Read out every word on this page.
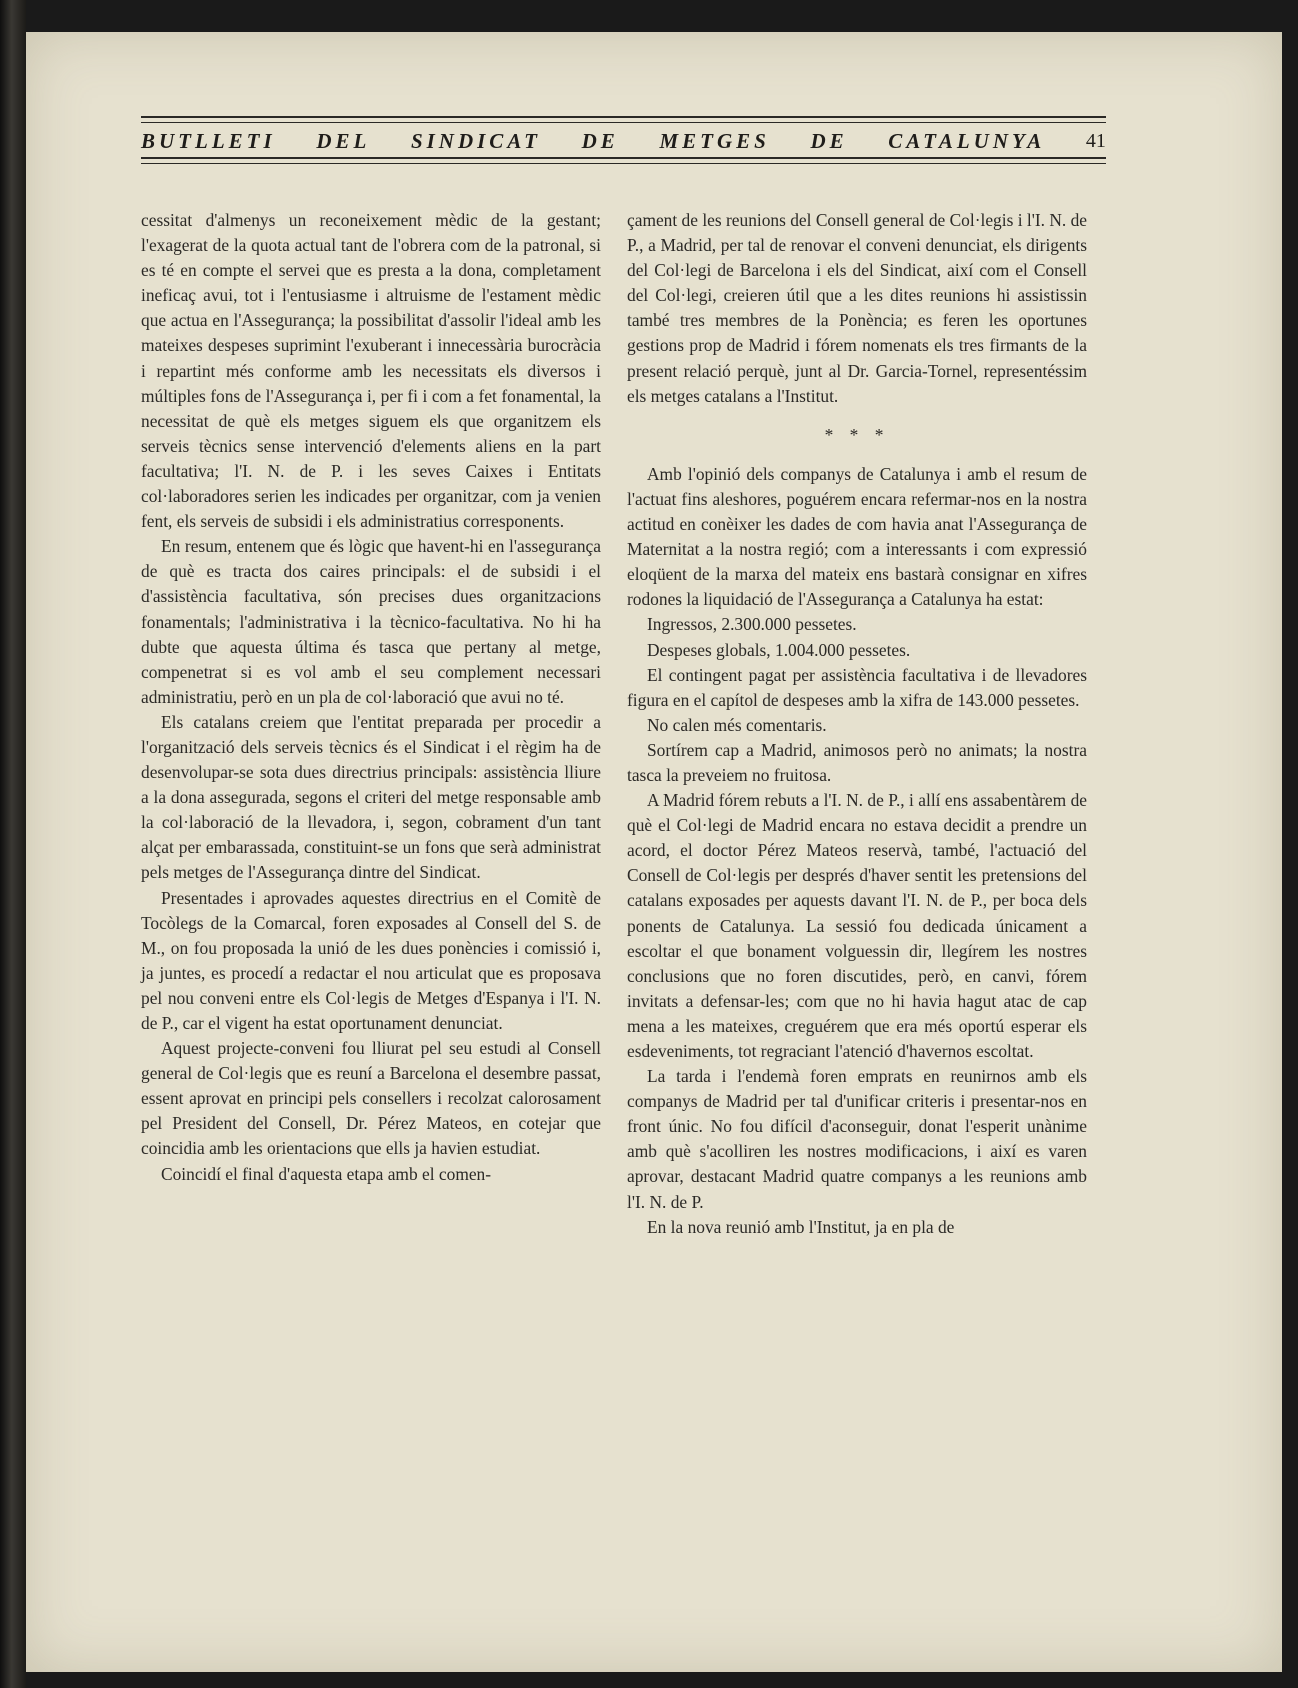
BUTLLETI DEL SINDICAT DE METGES DE CATALUNYA 41

cessitat d'almenys un reconeixement mèdic de la gestant; l'exagerat de la quota actual tant de l'obrera com de la patronal, si es té en compte el servei que es presta a la dona, completament ineficaç avui, tot i l'entusiasme i altruisme de l'estament mèdic que actua en l'Assegurança; la possibilitat d'assolir l'ideal amb les mateixes despeses suprimint l'exuberant i innecessària burocràcia i repartint més conforme amb les necessitats els diversos i múltiples fons de l'Assegurança i, per fi i com a fet fonamental, la necessitat de què els metges siguem els que organitzem els serveis tècnics sense intervenció d'elements aliens en la part facultativa; l'I. N. de P. i les seves Caixes i Entitats col·laboradores serien les indicades per organitzar, com ja venien fent, els serveis de subsidi i els administratius corresponents.

En resum, entenem que és lògic que havent-hi en l'assegurança de què es tracta dos caires principals: el de subsidi i el d'assistència facultativa, són precises dues organitzacions fonamentals; l'administrativa i la tècnico-facultativa. No hi ha dubte que aquesta última és tasca que pertany al metge, compenetrat si es vol amb el seu complement necessari administratiu, però en un pla de col·laboració que avui no té.

Els catalans creiem que l'entitat preparada per procedir a l'organització dels serveis tècnics és el Sindicat i el règim ha de desenvolupar-se sota dues directrius principals: assistència lliure a la dona assegurada, segons el criteri del metge responsable amb la col·laboració de la llevadora, i, segon, cobrament d'un tant alçat per embarassada, constituint-se un fons que serà administrat pels metges de l'Assegurança dintre del Sindicat.

Presentades i aprovades aquestes directrius en el Comitè de Tocòlegs de la Comarcal, foren exposades al Consell del S. de M., on fou proposada la unió de les dues ponències i comissió i, ja juntes, es procedí a redactar el nou articulat que es proposava pel nou conveni entre els Col·legis de Metges d'Espanya i l'I. N. de P., car el vigent ha estat oportunament denunciat.

Aquest projecte-conveni fou lliurat pel seu estudi al Consell general de Col·legis que es reuní a Barcelona el desembre passat, essent aprovat en principi pels consellers i recolzat calorosament pel President del Consell, Dr. Pérez Mateos, en cotejar que coincidia amb les orientacions que ells ja havien estudiat.

Coincidí el final d'aquesta etapa amb el comen-

çament de les reunions del Consell general de Col·legis i l'I. N. de P., a Madrid, per tal de renovar el conveni denunciat, els dirigents del Col·legi de Barcelona i els del Sindicat, així com el Consell del Col·legi, creieren útil que a les dites reunions hi assistissin també tres membres de la Ponència; es feren les oportunes gestions prop de Madrid i fórem nomenats els tres firmants de la present relació perquè, junt al Dr. Garcia-Tornel, representéssim els metges catalans a l'Institut.

* * *

Amb l'opinió dels companys de Catalunya i amb el resum de l'actuat fins aleshores, poguérem encara refermar-nos en la nostra actitud en conèixer les dades de com havia anat l'Assegurança de Maternitat a la nostra regió; com a interessants i com expressió eloqüent de la marxa del mateix ens bastarà consignar en xifres rodones la liquidació de l'Assegurança a Catalunya ha estat:

Ingressos, 2.300.000 pessetes.

Despeses globals, 1.004.000 pessetes.

El contingent pagat per assistència facultativa i de llevadores figura en el capítol de despeses amb la xifra de 143.000 pessetes.

No calen més comentaris.

Sortírem cap a Madrid, animosos però no animats; la nostra tasca la preveiem no fruitosa.

A Madrid fórem rebuts a l'I. N. de P., i allí ens assabentàrem de què el Col·legi de Madrid encara no estava decidit a prendre un acord, el doctor Pérez Mateos reservà, també, l'actuació del Consell de Col·legis per després d'haver sentit les pretensions del catalans exposades per aquests davant l'I. N. de P., per boca dels ponents de Catalunya. La sessió fou dedicada únicament a escoltar el que bonament volguessin dir, llegírem les nostres conclusions que no foren discutides, però, en canvi, fórem invitats a defensar-les; com que no hi havia hagut atac de cap mena a les mateixes, creguérem que era més oportú esperar els esdeveniments, tot regraciant l'atenció d'havernos escoltat.

La tarda i l'endemà foren emprats en reunirnos amb els companys de Madrid per tal d'unificar criteris i presentar-nos en front únic. No fou difícil d'aconseguir, donat l'esperit unànime amb què s'acolliren les nostres modificacions, i així es varen aprovar, destacant Madrid quatre companys a les reunions amb l'I. N. de P.

En la nova reunió amb l'Institut, ja en pla de
